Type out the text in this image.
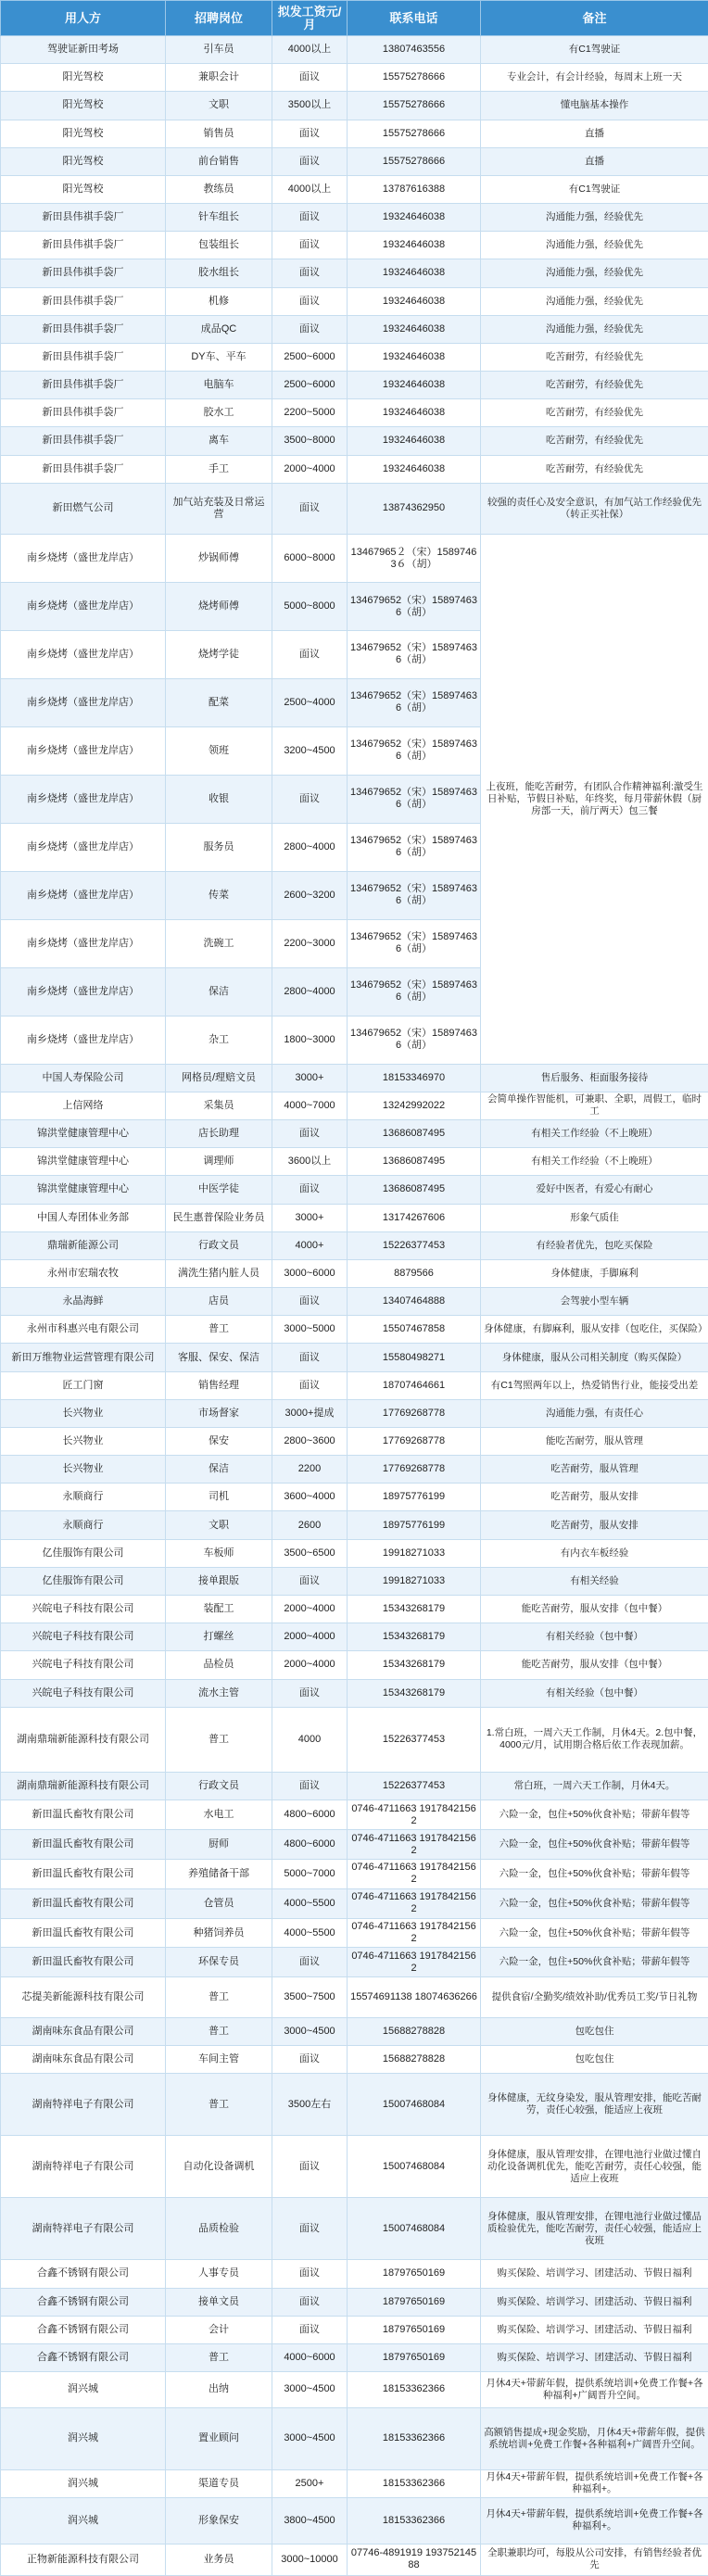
用人方	招聘岗位	拟发工资元/月	联系电话	备注
驾驶证新田考场	引车员	4000以上	13807463556	有C1驾驶证
阳光驾校	兼职会计	面议	15575278666	专业会计，有会计经验，每周末上班一天
阳光驾校	文职	3500以上	15575278666	懂电脑基本操作
阳光驾校	销售员	面议	15575278666	直播
阳光驾校	前台销售	面议	15575278666	直播
阳光驾校	教练员	4000以上	13787616388	有C1驾驶证
新田县伟祺手袋厂	针车组长	面议	19324646038	沟通能力强，经验优先
新田县伟祺手袋厂	包装组长	面议	19324646038	沟通能力强，经验优先
新田县伟祺手袋厂	胶水组长	面议	19324646038	沟通能力强，经验优先
新田县伟祺手袋厂	机修	面议	19324646038	沟通能力强，经验优先
新田县伟祺手袋厂	成品QC	面议	19324646038	沟通能力强，经验优先
新田县伟祺手袋厂	DY车、平车	2500~6000	19324646038	吃苦耐劳，有经验优先
新田县伟祺手袋厂	电脑车	2500~6000	19324646038	吃苦耐劳，有经验优先
新田县伟祺手袋厂	胶水工	2200~5000	19324646038	吃苦耐劳，有经验优先
新田县伟祺手袋厂	离车	3500~8000	19324646038	吃苦耐劳，有经验优先
新田县伟祺手袋厂	手工	2000~4000	19324646038	吃苦耐劳，有经验优先
新田燃气公司	加气站充装及日常运营	面议	13874362950	较强的责任心及安全意识，有加气站工作经验优先（转正买社保）
南乡烧烤（盛世龙岸店）	炒锅师傅	6000~8000	13467965２（宋）15897463６（胡）	上夜班，能吃苦耐劳，有团队合作精神福利:激受生日补贴，节假日补贴，年终奖，每月带薪休假（厨房部一天，前厅两天）包三餐
南乡烧烤（盛世龙岸店）	烧烤师傅	5000~8000	134679652（宋）158974636（胡）	
南乡烧烤（盛世龙岸店）	烧烤学徒	面议	134679652（宋）158974636（胡）	
南乡烧烤（盛世龙岸店）	配菜	2500~4000	134679652（宋）158974636（胡）	
南乡烧烤（盛世龙岸店）	领班	3200~4500	134679652（宋）158974636（胡）	
南乡烧烤（盛世龙岸店）	收银	面议	134679652（宋）158974636（胡）	
南乡烧烤（盛世龙岸店）	服务员	2800~4000	134679652（宋）158974636（胡）	
南乡烧烤（盛世龙岸店）	传菜	2600~3200	134679652（宋）158974636（胡）	
南乡烧烤（盛世龙岸店）	洗碗工	2200~3000	134679652（宋）158974636（胡）	
南乡烧烤（盛世龙岸店）	保洁	2800~4000	134679652（宋）158974636（胡）	
南乡烧烤（盛世龙岸店）	杂工	1800~3000	134679652（宋）158974636（胡）	
中国人寿保险公司	网格员/理赔文员	3000+	18153346970	售后服务、柜面服务接待
上信网络	采集员	4000~7000	13242992022	会简单操作智能机，可兼职、全职，周假工，临时工
锦洪堂健康管理中心	店长助理	面议	13686087495	有相关工作经验（不上晚班）
锦洪堂健康管理中心	调理师	3600以上	13686087495	有相关工作经验（不上晚班）
锦洪堂健康管理中心	中医学徒	面议	13686087495	爱好中医者，有爱心有耐心
中国人寿团体业务部	民生惠普保险业务员	3000+	13174267606	形象气质佳
鼎瑞新能源公司	行政文员	4000+	15226377453	有经验者优先，包吃买保险
永州市宏瑞农牧	满洗生猪内脏人员	3000~6000	8879566	身体健康，手脚麻利
永晶海鲜	店员	面议	13407464888	会驾驶小型车辆
永州市科惠兴电有限公司	普工	3000~5000	15507467858	身体健康，有脚麻利，服从安排（包吃住，买保险）
新田万维物业运营管理有限公司	客服、保安、保洁	面议	15580498271	身体健康，服从公司相关制度（购买保险）
匠工门窗	销售经理	面议	18707464661	有C1驾照两年以上，热爱销售行业，能接受出差
长兴物业	市场督家	3000+提成	17769268778	沟通能力强，有责任心
长兴物业	保安	2800~3600	17769268778	能吃苦耐劳，服从管理
长兴物业	保洁	2200	17769268778	吃苦耐劳，服从管理
永顺商行	司机	3600~4000	18975776199	吃苦耐劳，服从安排
永顺商行	文职	2600	18975776199	吃苦耐劳，服从安排
亿佳服饰有限公司	车板师	3500~6500	19918271033	有内衣车板经验
亿佳服饰有限公司	接单跟版	面议	19918271033	有相关经验
兴皖电子科技有限公司	装配工	2000~4000	15343268179	能吃苦耐劳，服从安排（包中餐）
兴皖电子科技有限公司	打螺丝	2000~4000	15343268179	有相关经验（包中餐）
兴皖电子科技有限公司	品检员	2000~4000	15343268179	能吃苦耐劳，服从安排（包中餐）
兴皖电子科技有限公司	流水主管	面议	15343268179	有相关经验（包中餐）
湖南鼎瑞新能源科技有限公司	普工	4000	15226377453	1.常白班，一周六天工作制，月休4天。2.包中餐，4000元/月，试用期合格后依工作表现加薪。
湖南鼎瑞新能源科技有限公司	行政文员	面议	15226377453	常白班，一周六天工作制，月休4天。
新田温氏畜牧有限公司	水电工	4800~6000	0746-4711663 19178421562	六险一金，包住+50%伙食补贴；带薪年假等
新田温氏畜牧有限公司	厨师	4800~6000	0746-4711663 19178421562	六险一金，包住+50%伙食补贴；带薪年假等
新田温氏畜牧有限公司	养殖储备干部	5000~7000	0746-4711663 19178421562	六险一金，包住+50%伙食补贴；带薪年假等
新田温氏畜牧有限公司	仓管员	4000~5500	0746-4711663 19178421562	六险一金，包住+50%伙食补贴；带薪年假等
新田温氏畜牧有限公司	种猪饲养员	4000~5500	0746-4711663 19178421562	六险一金，包住+50%伙食补贴；带薪年假等
新田温氏畜牧有限公司	环保专员	面议	0746-4711663 19178421562	六险一金，包住+50%伙食补贴；带薪年假等
芯提美新能源科技有限公司	普工	3500~7500	15574691138 18074636266	提供食宿/全勤奖/绩效补助/优秀员工奖/节日礼物
湖南味东食品有限公司	普工	3000~4500	15688278828	包吃包住
湖南味东食品有限公司	车间主管	面议	15688278828	包吃包住
湖南特祥电子有限公司	普工	3500左右	15007468084	身体健康，无纹身染发，服从管理安排，能吃苦耐劳，责任心较强，能适应上夜班
湖南特祥电子有限公司	自动化设备调机	面议	15007468084	身体健康，服从管理安排，在锂电池行业做过懂自动化设备调机优先，能吃苦耐劳，责任心较强，能适应上夜班
湖南特祥电子有限公司	品质检验	面议	15007468084	身体健康，服从管理安排，在锂电池行业做过懂品质检验优先，能吃苦耐劳，责任心较强，能适应上夜班
合鑫不锈钢有限公司	人事专员	面议	18797650169	购买保险、培训学习、团建活动、节假日福利
合鑫不锈钢有限公司	接单文员	面议	18797650169	购买保险、培训学习、团建活动、节假日福利
合鑫不锈钢有限公司	会计	面议	18797650169	购买保险、培训学习、团建活动、节假日福利
合鑫不锈钢有限公司	普工	4000~6000	18797650169	购买保险、培训学习、团建活动、节假日福利
润兴城	出纳	3000~4500	18153362366	月休4天+带薪年假，提供系统培训+免费工作餐+各种福利+广阔晋升空间。
润兴城	置业顾问	3000~4500	18153362366	高额销售提成+现金奖励，月休4天+带薪年假，提供系统培训+免费工作餐+各种福利+广阔晋升空间。
润兴城	渠道专员	2500+	18153362366	月休4天+带薪年假，提供系统培训+免费工作餐+各种福利+。
润兴城	形象保安	3800~4500	18153362366	月休4天+带薪年假，提供系统培训+免费工作餐+各种福利+。
正物新能源科技有限公司	业务员	3000~10000	07746-4891919 19375214588	全职兼职均可，每股从公司安排，有销售经验者优先
